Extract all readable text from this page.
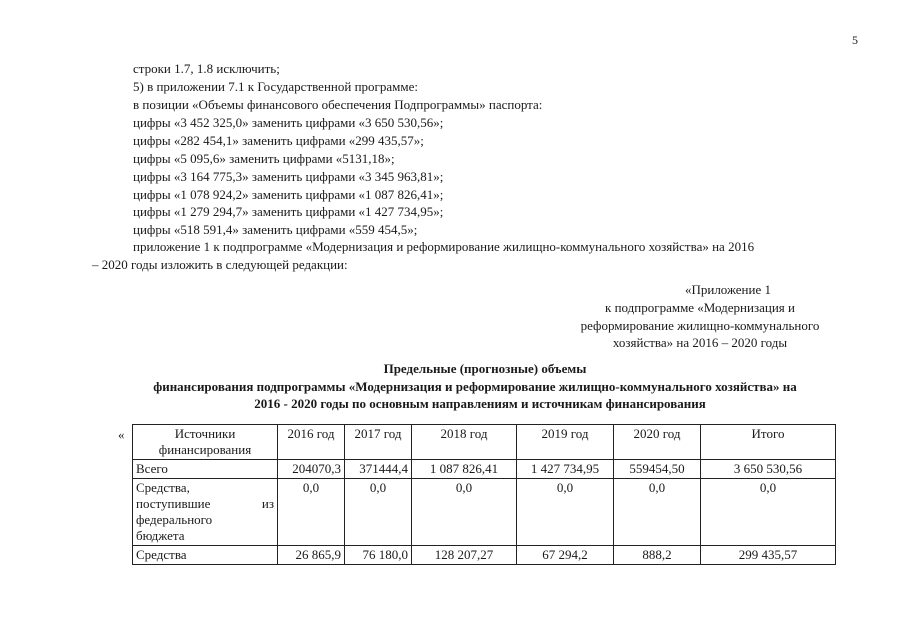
5
строки 1.7, 1.8 исключить;
5) в приложении 7.1 к Государственной программе:
в позиции «Объемы финансового обеспечения Подпрограммы» паспорта:
цифры «3 452 325,0» заменить цифрами «3 650 530,56»;
цифры «282 454,1» заменить цифрами «299 435,57»;
цифры «5 095,6» заменить цифрами «5131,18»;
цифры «3 164 775,3» заменить цифрами «3 345 963,81»;
цифры «1 078 924,2» заменить цифрами «1 087 826,41»;
цифры «1 279 294,7» заменить цифрами «1 427 734,95»;
цифры «518 591,4» заменить цифрами «559 454,5»;
приложение 1 к подпрограмме «Модернизация и реформирование жилищно-коммунального хозяйства» на 2016
– 2020 годы изложить в следующей редакции:
«Приложение 1
к подпрограмме «Модернизация и
реформирование жилищно-коммунального
хозяйства» на 2016 – 2020 годы
Предельные (прогнозные) объемы
финансирования подпрограммы «Модернизация и реформирование жилищно-коммунального хозяйства» на
2016 - 2020 годы по основным направлениям и источникам финансирования
«	Источники финансирования	2016 год	2017 год	2018 год	2019 год	2020 год	Итого
Всего	204070,3	371444,4	1 087 826,41	1 427 734,95	559454,50	3 650 530,56

Средства,
поступившие из
федерального
бюджета	0,0	0,0	0,0	0,0	0,0	0,0
Средства	26 865,9	76 180,0	128 207,27	67 294,2	888,2	299 435,57
